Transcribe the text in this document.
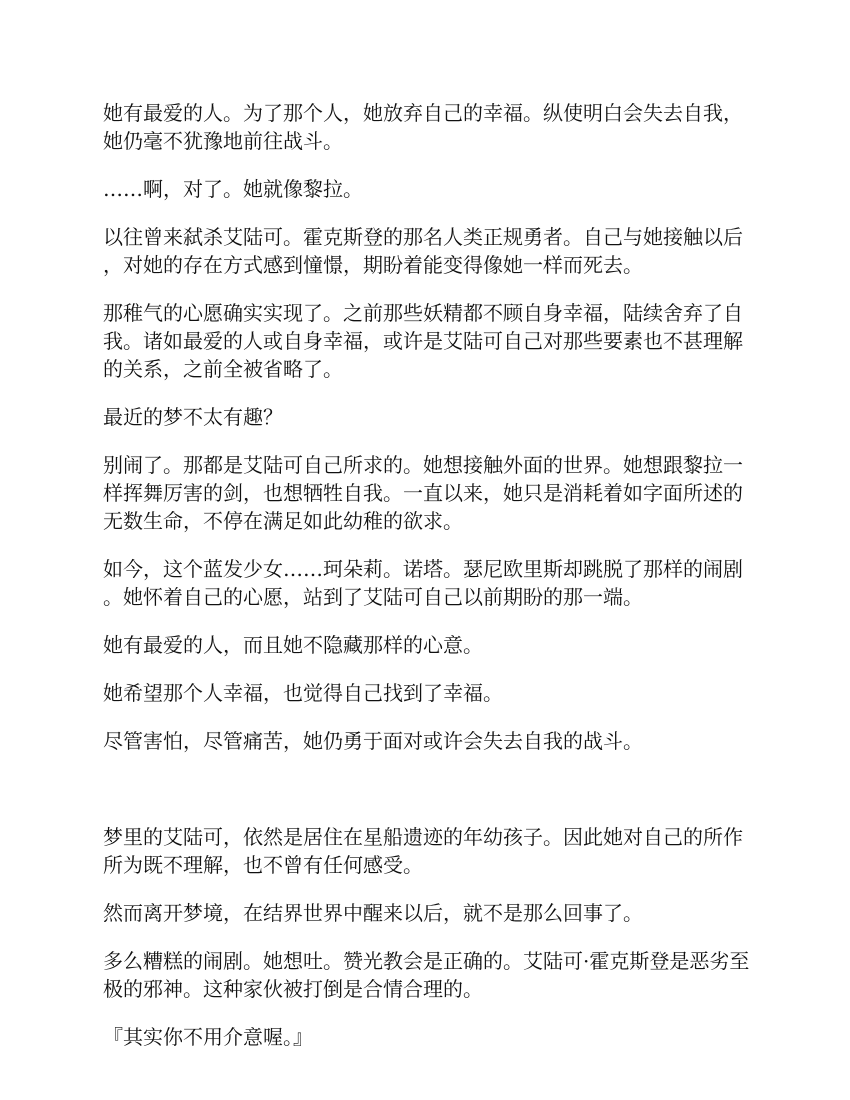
她有最爱的人。为了那个人，她放弃自己的幸福。纵使明白会失去自我，她仍毫不犹豫地前往战斗。

……啊，对了。她就像黎拉。

以往曾来弑杀艾陆可。霍克斯登的那名人类正规勇者。自己与她接触以后，对她的存在方式感到憧憬，期盼着能变得像她一样而死去。

那稚气的心愿确实实现了。之前那些妖精都不顾自身幸福，陆续舍弃了自我。诸如最爱的人或自身幸福，或许是艾陆可自己对那些要素也不甚理解的关系，之前全被省略了。

最近的梦不太有趣？

别闹了。那都是艾陆可自己所求的。她想接触外面的世界。她想跟黎拉一样挥舞厉害的剑，也想牺牲自我。一直以来，她只是消耗着如字面所述的无数生命，不停在满足如此幼稚的欲求。

如今，这个蓝发少女……珂朵莉。诺塔。瑟尼欧里斯却跳脱了那样的闹剧。她怀着自己的心愿，站到了艾陆可自己以前期盼的那一端。

她有最爱的人，而且她不隐藏那样的心意。

她希望那个人幸福，也觉得自己找到了幸福。

尽管害怕，尽管痛苦，她仍勇于面对或许会失去自我的战斗。

梦里的艾陆可，依然是居住在星船遗迹的年幼孩子。因此她对自己的所作所为既不理解，也不曾有任何感受。

然而离开梦境，在结界世界中醒来以后，就不是那么回事了。

多么糟糕的闹剧。她想吐。赞光教会是正确的。艾陆可·霍克斯登是恶劣至极的邪神。这种家伙被打倒是合情合理的。

『其实你不用介意喔。』
